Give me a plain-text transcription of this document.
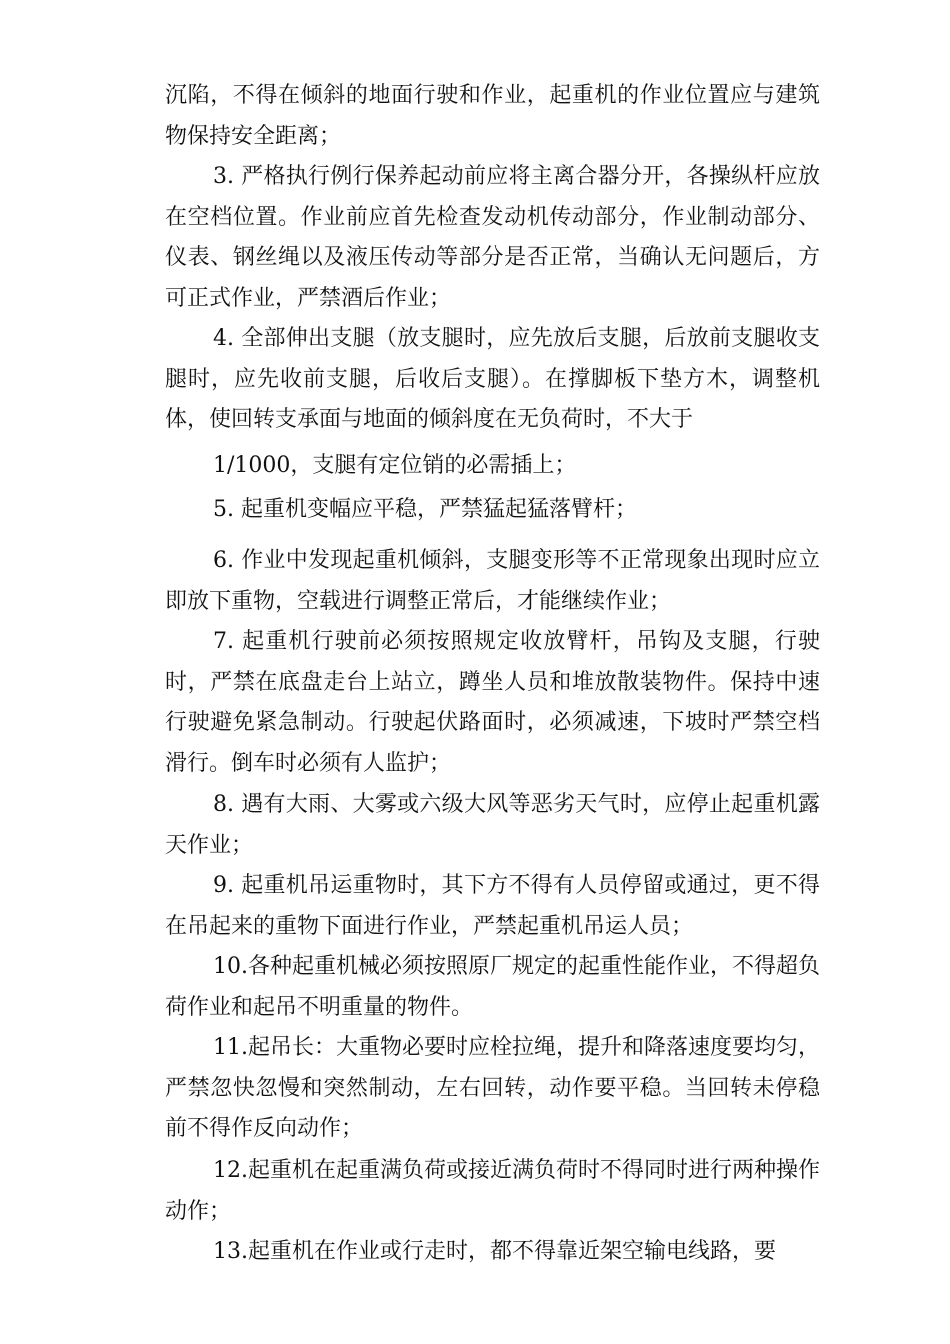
沉陷，不得在倾斜的地面行驶和作业，起重机的作业位置应与建筑物保持安全距离；

3. 严格执行例行保养起动前应将主离合器分开，各操纵杆应放在空档位置。作业前应首先检查发动机传动部分，作业制动部分、仪表、钢丝绳以及液压传动等部分是否正常，当确认无问题后，方可正式作业，严禁酒后作业；

4. 全部伸出支腿（放支腿时，应先放后支腿，后放前支腿收支腿时，应先收前支腿，后收后支腿）。在撑脚板下垫方木，调整机体，使回转支承面与地面的倾斜度在无负荷时，不大于

1/1000，支腿有定位销的必需插上；

5. 起重机变幅应平稳，严禁猛起猛落臂杆；

6. 作业中发现起重机倾斜，支腿变形等不正常现象出现时应立即放下重物，空载进行调整正常后，才能继续作业；

7. 起重机行驶前必须按照规定收放臂杆，吊钩及支腿，行驶时，严禁在底盘走台上站立，蹲坐人员和堆放散装物件。保持中速行驶避免紧急制动。行驶起伏路面时，必须减速，下坡时严禁空档滑行。倒车时必须有人监护；

8. 遇有大雨、大雾或六级大风等恶劣天气时，应停止起重机露天作业；

9. 起重机吊运重物时，其下方不得有人员停留或通过，更不得在吊起来的重物下面进行作业，严禁起重机吊运人员；

10.各种起重机械必须按照原厂规定的起重性能作业，不得超负荷作业和起吊不明重量的物件。

11.起吊长：大重物必要时应栓拉绳，提升和降落速度要均匀，严禁忽快忽慢和突然制动，左右回转，动作要平稳。当回转未停稳前不得作反向动作；

12.起重机在起重满负荷或接近满负荷时不得同时进行两种操作动作；

13.起重机在作业或行走时，都不得靠近架空输电线路，要
